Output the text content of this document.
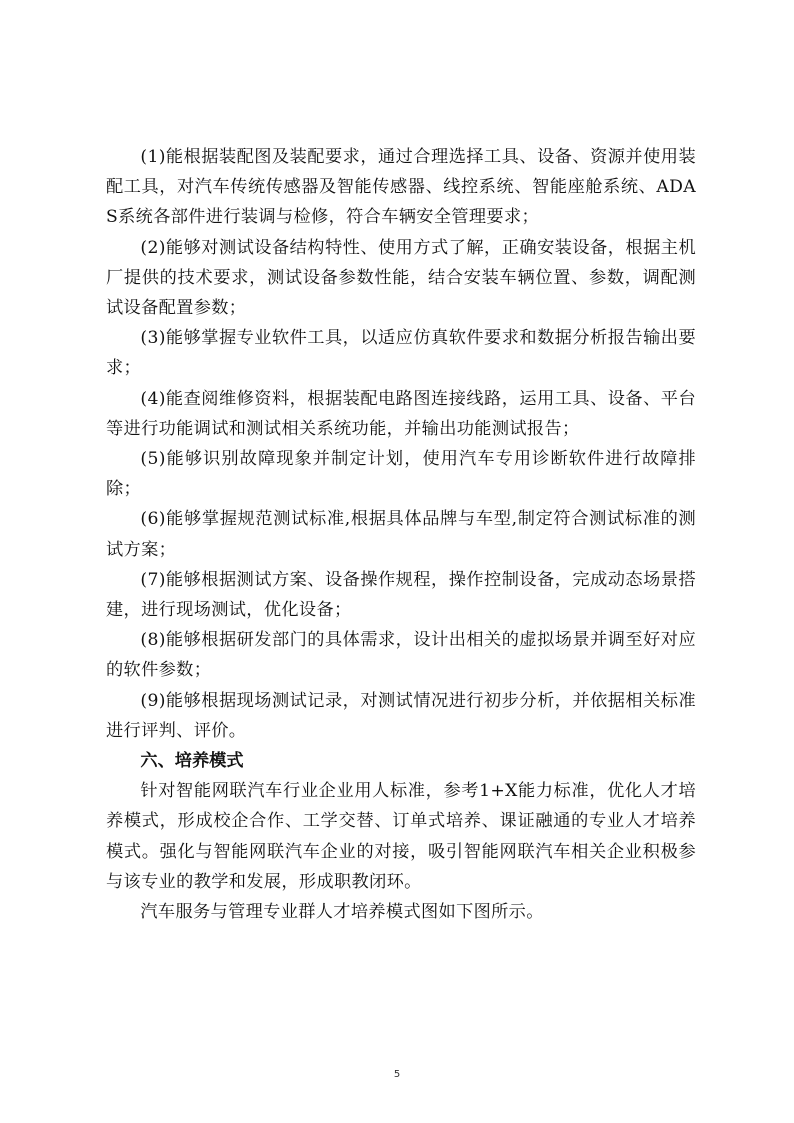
(1)能根据装配图及装配要求，通过合理选择工具、设备、资源并使用装配工具，对汽车传统传感器及智能传感器、线控系统、智能座舱系统、ADAS系统各部件进行装调与检修，符合车辆安全管理要求；

(2)能够对测试设备结构特性、使用方式了解，正确安装设备，根据主机厂提供的技术要求，测试设备参数性能，结合安装车辆位置、参数，调配测试设备配置参数；

(3)能够掌握专业软件工具，以适应仿真软件要求和数据分析报告输出要求；

(4)能查阅维修资料，根据装配电路图连接线路，运用工具、设备、平台等进行功能调试和测试相关系统功能，并输出功能测试报告；

(5)能够识别故障现象并制定计划，使用汽车专用诊断软件进行故障排除；

(6)能够掌握规范测试标准,根据具体品牌与车型,制定符合测试标准的测试方案；

(7)能够根据测试方案、设备操作规程，操作控制设备，完成动态场景搭建，进行现场测试，优化设备；

(8)能够根据研发部门的具体需求，设计出相关的虚拟场景并调至好对应的软件参数；

(9)能够根据现场测试记录，对测试情况进行初步分析，并依据相关标准进行评判、评价。

六、培养模式

针对智能网联汽车行业企业用人标准，参考1+X能力标准，优化人才培养模式，形成校企合作、工学交替、订单式培养、课证融通的专业人才培养模式。强化与智能网联汽车企业的对接，吸引智能网联汽车相关企业积极参与该专业的教学和发展，形成职教闭环。

汽车服务与管理专业群人才培养模式图如下图所示。

5
